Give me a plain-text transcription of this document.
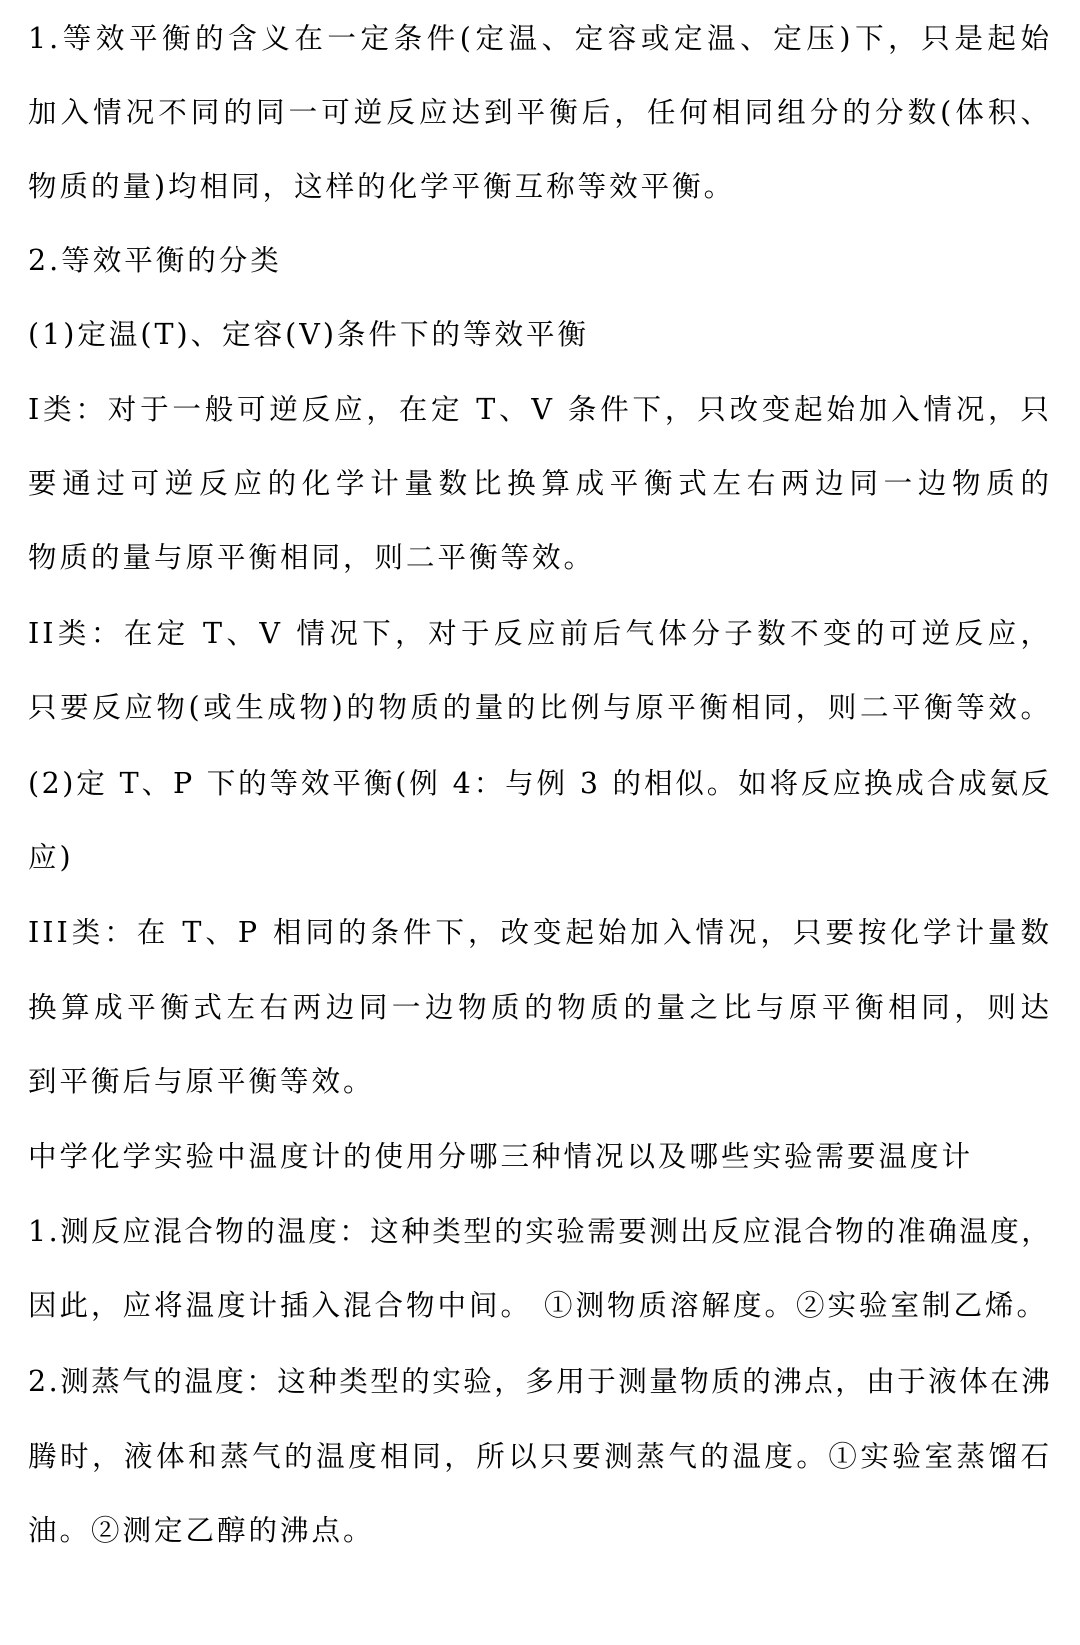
1.等效平衡的含义在一定条件(定温、定容或定温、定压)下，只是起始
加入情况不同的同一可逆反应达到平衡后，任何相同组分的分数(体积、
物质的量)均相同，这样的化学平衡互称等效平衡。
2.等效平衡的分类
(1)定温(T)、定容(V)条件下的等效平衡
I类：对于一般可逆反应，在定 T、V 条件下，只改变起始加入情况，只
要通过可逆反应的化学计量数比换算成平衡式左右两边同一边物质的
物质的量与原平衡相同，则二平衡等效。
II类：在定 T、V 情况下，对于反应前后气体分子数不变的可逆反应，
只要反应物(或生成物)的物质的量的比例与原平衡相同，则二平衡等效。
(2)定 T、P 下的等效平衡(例 4：与例 3 的相似。如将反应换成合成氨反
应)
III类：在 T、P 相同的条件下，改变起始加入情况，只要按化学计量数
换算成平衡式左右两边同一边物质的物质的量之比与原平衡相同，则达
到平衡后与原平衡等效。
中学化学实验中温度计的使用分哪三种情况以及哪些实验需要温度计
1.测反应混合物的温度：这种类型的实验需要测出反应混合物的准确温度，
因此，应将温度计插入混合物中间。 ①测物质溶解度。②实验室制乙烯。
2.测蒸气的温度：这种类型的实验，多用于测量物质的沸点，由于液体在沸
腾时，液体和蒸气的温度相同，所以只要测蒸气的温度。①实验室蒸馏石
油。②测定乙醇的沸点。
